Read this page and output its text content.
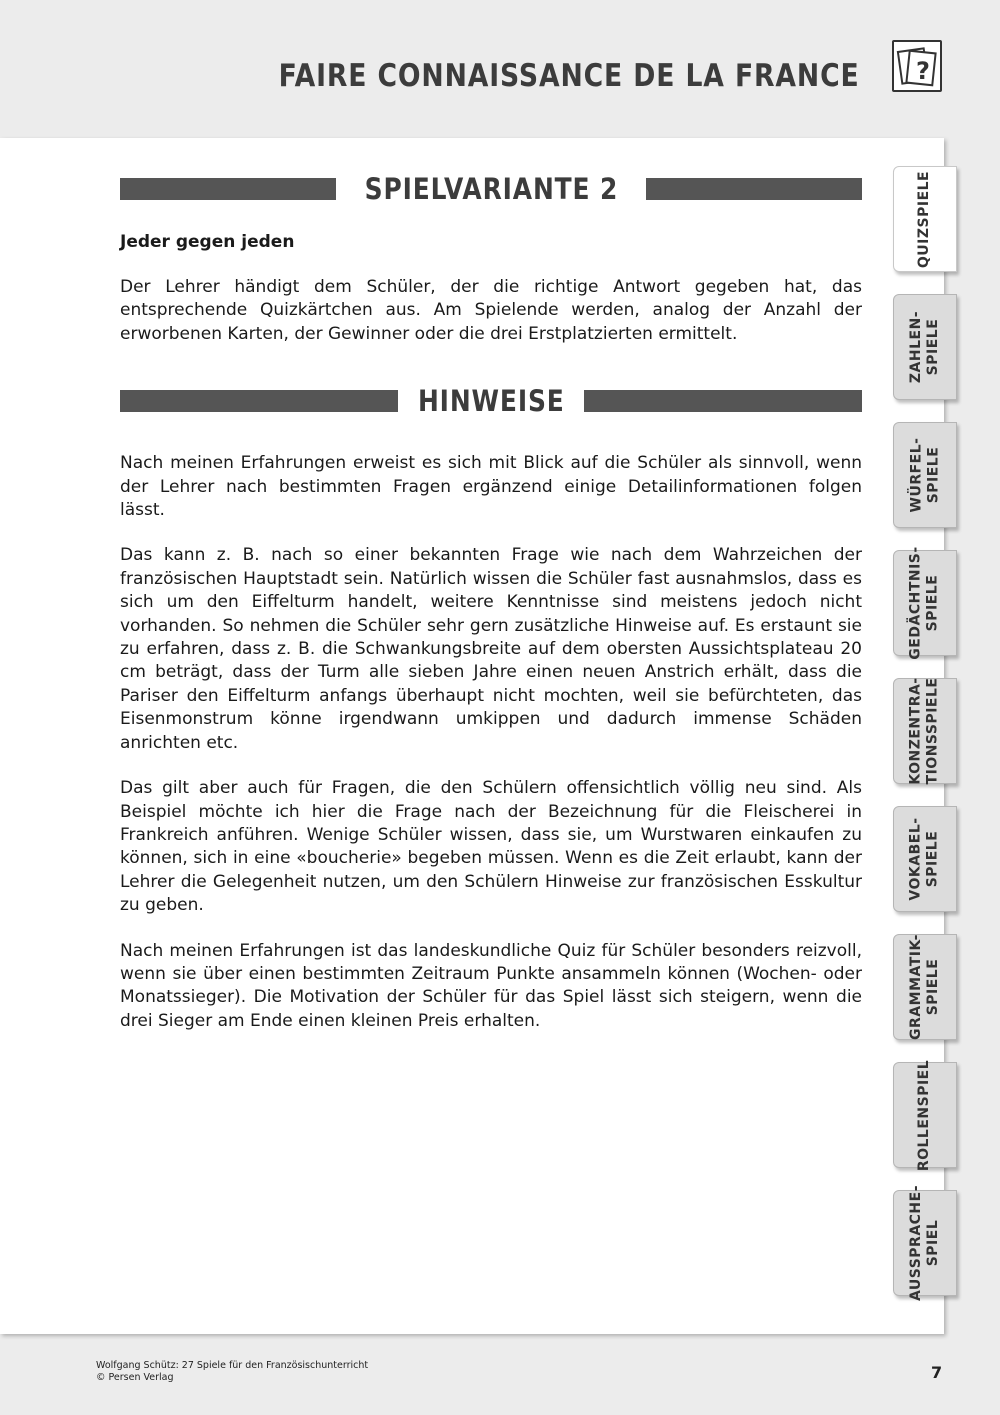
FAIRE CONNAISSANCE DE LA FRANCE ?
SPIELVARIANTE 2
Jeder gegen jeden

Der Lehrer händigt dem Schüler, der die richtige Antwort gegeben hat, das entsprechende Quizkärtchen aus. Am Spielende werden, analog der Anzahl der erworbenen Karten, der Gewinner oder die drei Erstplatzierten ermittelt.

HINWEISE

Nach meinen Erfahrungen erweist es sich mit Blick auf die Schüler als sinnvoll, wenn der Lehrer nach bestimmten Fragen ergänzend einige Detailinformationen folgen lässt.

Das kann z. B. nach so einer bekannten Frage wie nach dem Wahrzeichen der französischen Hauptstadt sein. Natürlich wissen die Schüler fast ausnahmslos, dass es sich um den Eiffelturm handelt, weitere Kenntnisse sind meistens jedoch nicht vorhanden. So nehmen die Schüler sehr gern zusätzliche Hinweise auf. Es erstaunt sie zu erfahren, dass z. B. die Schwankungsbreite auf dem obersten Aussichtsplateau 20 cm beträgt, dass der Turm alle sieben Jahre einen neuen Anstrich erhält, dass die Pariser den Eiffelturm anfangs überhaupt nicht mochten, weil sie befürchteten, das Eisenmonstrum könne irgendwann umkippen und dadurch immense Schäden anrichten etc.

Das gilt aber auch für Fragen, die den Schülern offensichtlich völlig neu sind. Als Beispiel möchte ich hier die Frage nach der Bezeichnung für die Fleischerei in Frankreich anführen. Wenige Schüler wissen, dass sie, um Wurstwaren einkaufen zu können, sich in eine «boucherie» begeben müssen. Wenn es die Zeit erlaubt, kann der Lehrer die Gelegenheit nutzen, um den Schülern Hinweise zur französischen Esskultur zu geben.

Nach meinen Erfahrungen ist das landeskundliche Quiz für Schüler besonders reizvoll, wenn sie über einen bestimmten Zeitraum Punkte ansammeln können (Wochen- oder Monatssieger). Die Motivation der Schüler für das Spiel lässt sich steigern, wenn die drei Sieger am Ende einen kleinen Preis erhalten.

QUIZSPIELE
ZAHLEN- SPIELE
WÜRFEL- SPIELE
GEDÄCHTNIS- SPIELE
KONZENTRA- TIONSSPIELE
VOKABEL- SPIELE
GRAMMATIK- SPIELE
ROLLENSPIEL
AUSSPRACHE- SPIEL
Wolfgang Schütz: 27 Spiele für den Französischunterricht
© Persen Verlag	7
